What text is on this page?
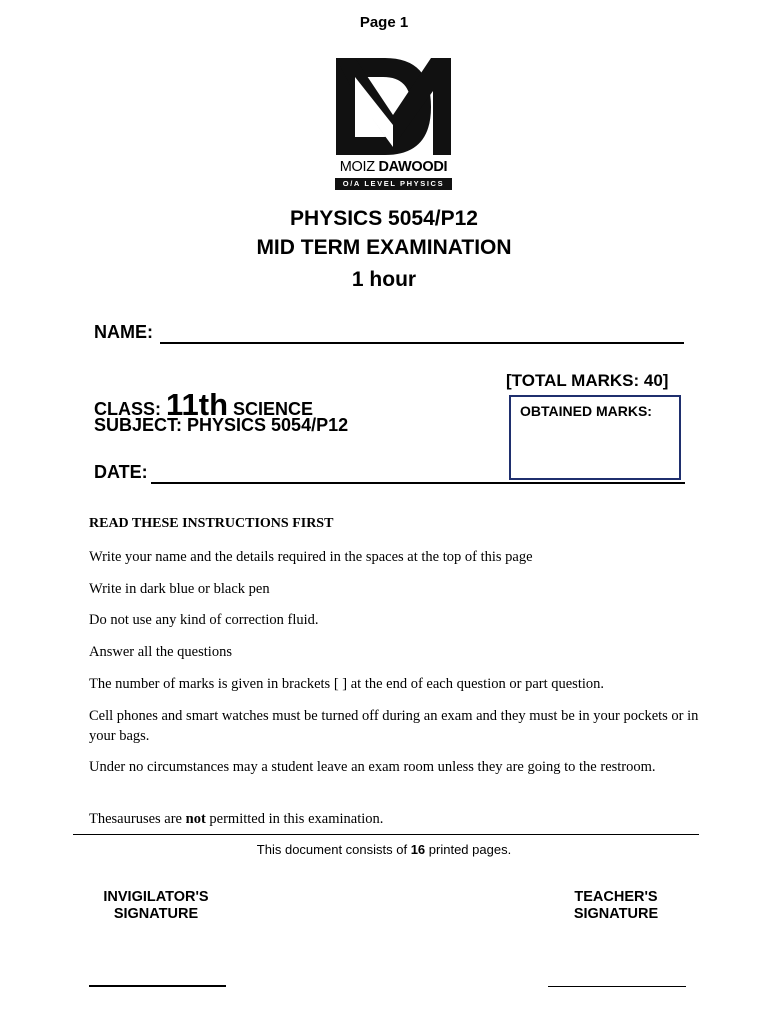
Page 1
MOIZ DAWOODI
O/A LEVEL PHYSICS
PHYSICS 5054/P12
MID TERM EXAMINATION
1 hour
NAME:
CLASS: 11th SCIENCE
SUBJECT: PHYSICS 5054/P12
DATE:
[TOTAL MARKS: 40]
OBTAINED MARKS:
READ THESE INSTRUCTIONS FIRST
Write your name and the details required in the spaces at the top of this page
Write in dark blue or black pen
Do not use any kind of correction fluid.
Answer all the questions
The number of marks is given in brackets [ ] at the end of each question or part question.
Cell phones and smart watches must be turned off during an exam and they must be in your pockets or in your bags.
Under no circumstances may a student leave an exam room unless they are going to the restroom.
Thesauruses are not permitted in this examination.
This document consists of 16 printed pages.
INVIGILATOR'S
SIGNATURE
TEACHER'S
SIGNATURE
